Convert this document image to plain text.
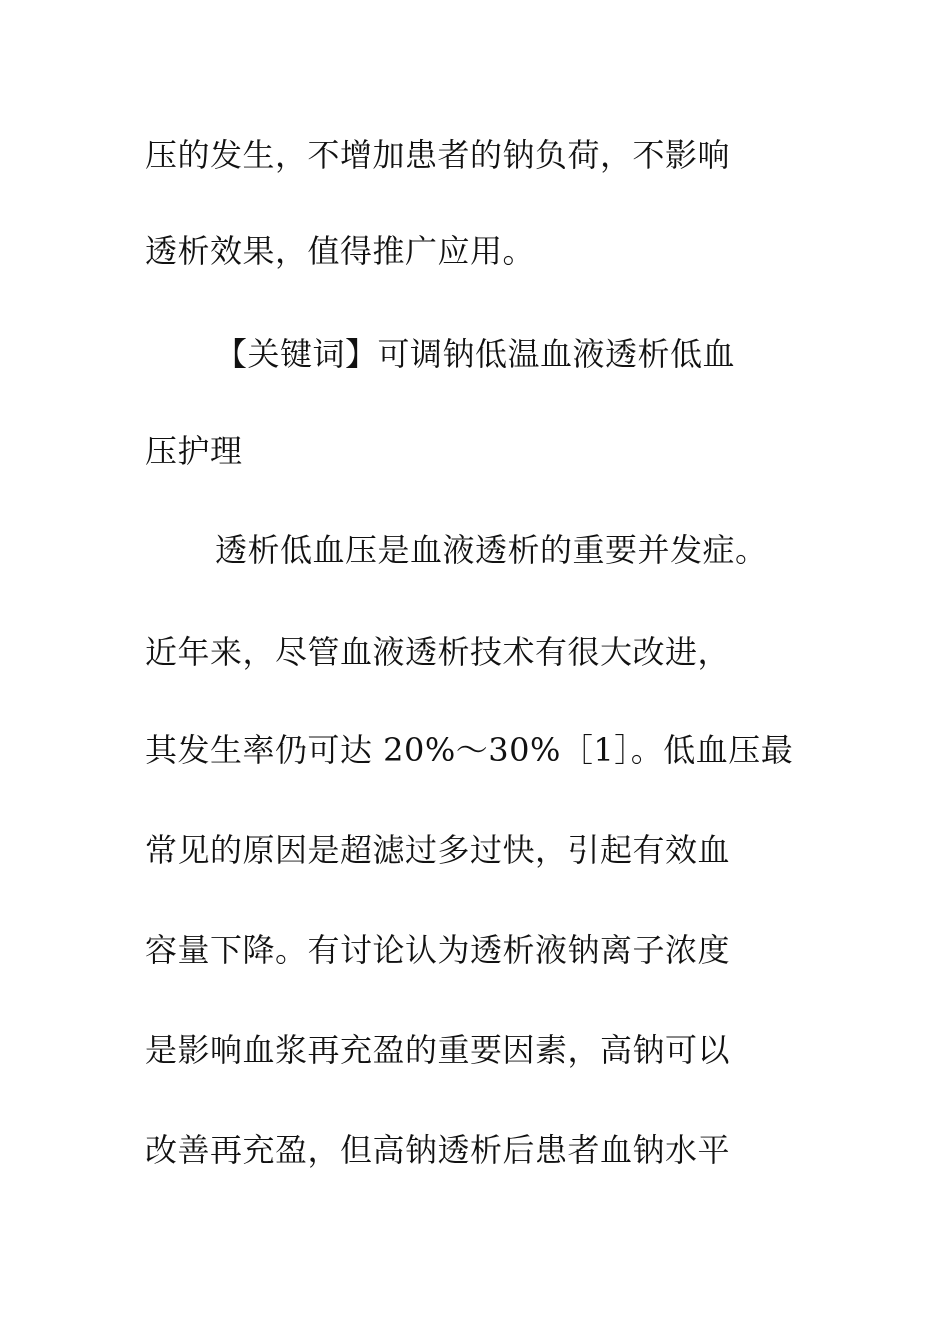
压的发生，不增加患者的钠负荷，不影响
透析效果，值得推广应用。
【关键词】可调钠低温血液透析低血
压护理
透析低血压是血液透析的重要并发症。
近年来，尽管血液透析技术有很大改进，
其发生率仍可达 20%～30%［1］。低血压最
常见的原因是超滤过多过快，引起有效血
容量下降。有讨论认为透析液钠离子浓度
是影响血浆再充盈的重要因素，高钠可以
改善再充盈，但高钠透析后患者血钠水平
